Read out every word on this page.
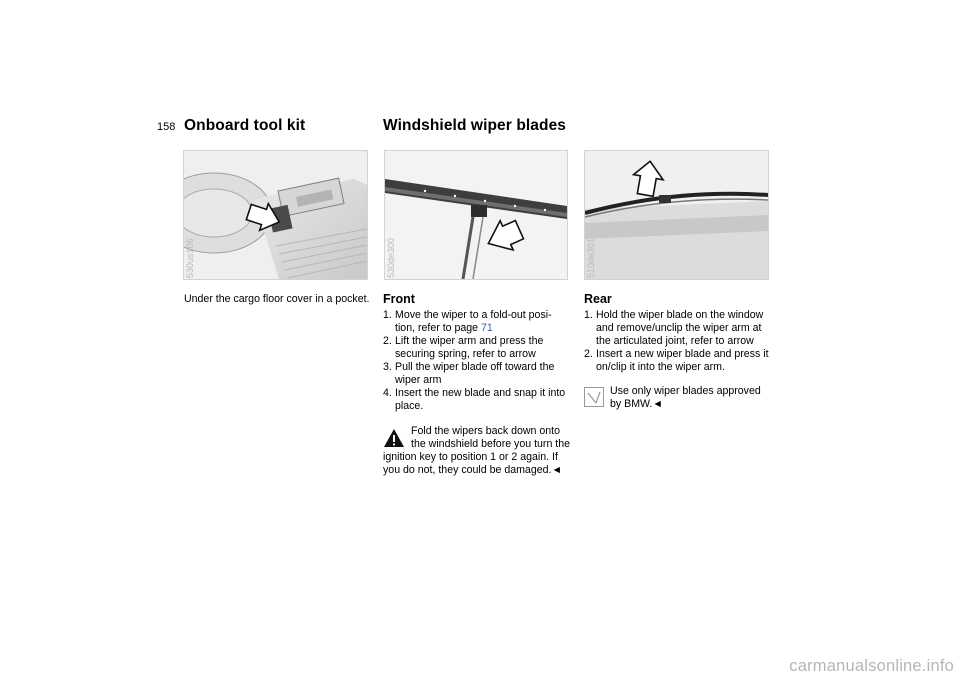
158 Onboard tool kit	Windshield wiper blades
530us106	530de300	510de301
Under the cargo floor cover in a pocket. Front
1. Move the wiper to a fold-out posi-
tion, refer to page 71
2. Lift the wiper arm and press the
securing spring, refer to arrow
3. Pull the wiper blade off toward the
wiper arm
4. Insert the new blade and snap it into
place.
Fold the wipers back down onto
the windshield before you turn the
ignition key to position 1 or 2 again. If
you do not, they could be damaged.◄
Rear
1. Hold the wiper blade on the window
and remove/unclip the wiper arm at
the articulated joint, refer to arrow
2. Insert a new wiper blade and press it
on/clip it into the wiper arm.
Use only wiper blades approved
by BMW.◄
carmanualsonline.info
